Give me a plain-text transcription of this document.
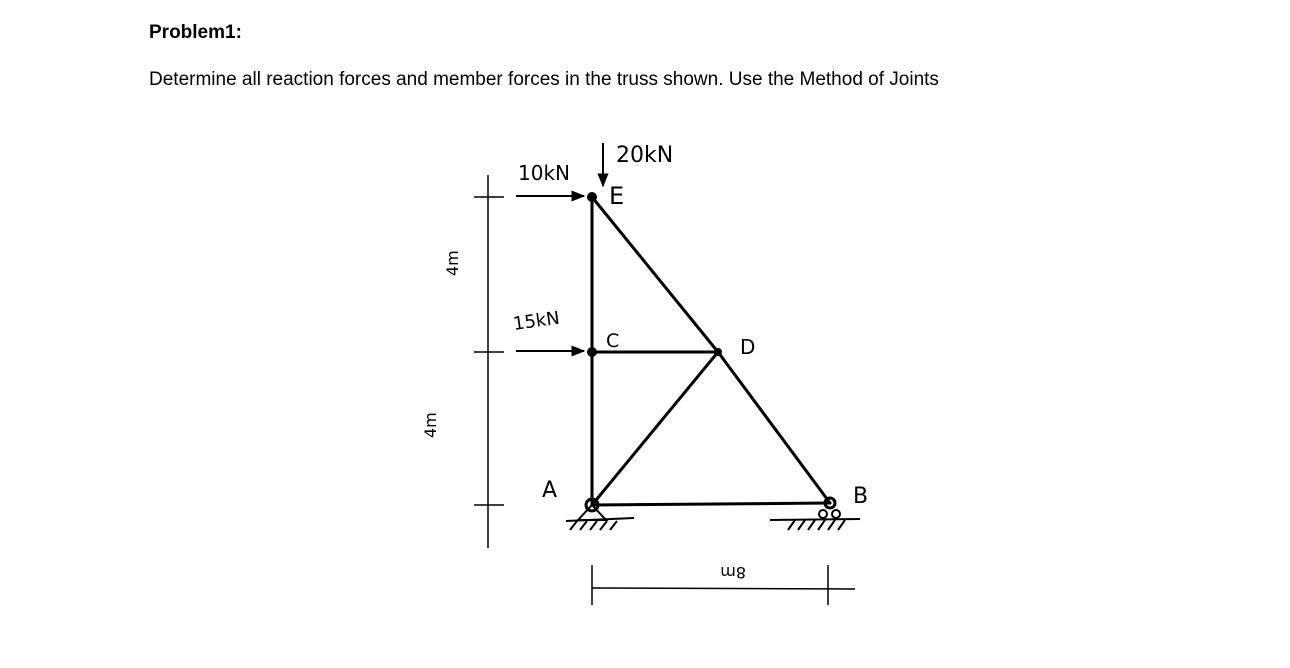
Problem1:
Determine all reaction forces and member forces in the truss shown. Use the Method of Joints
10kN
20kN
15kN
E
C	D
A	B
4m
4m
8m
